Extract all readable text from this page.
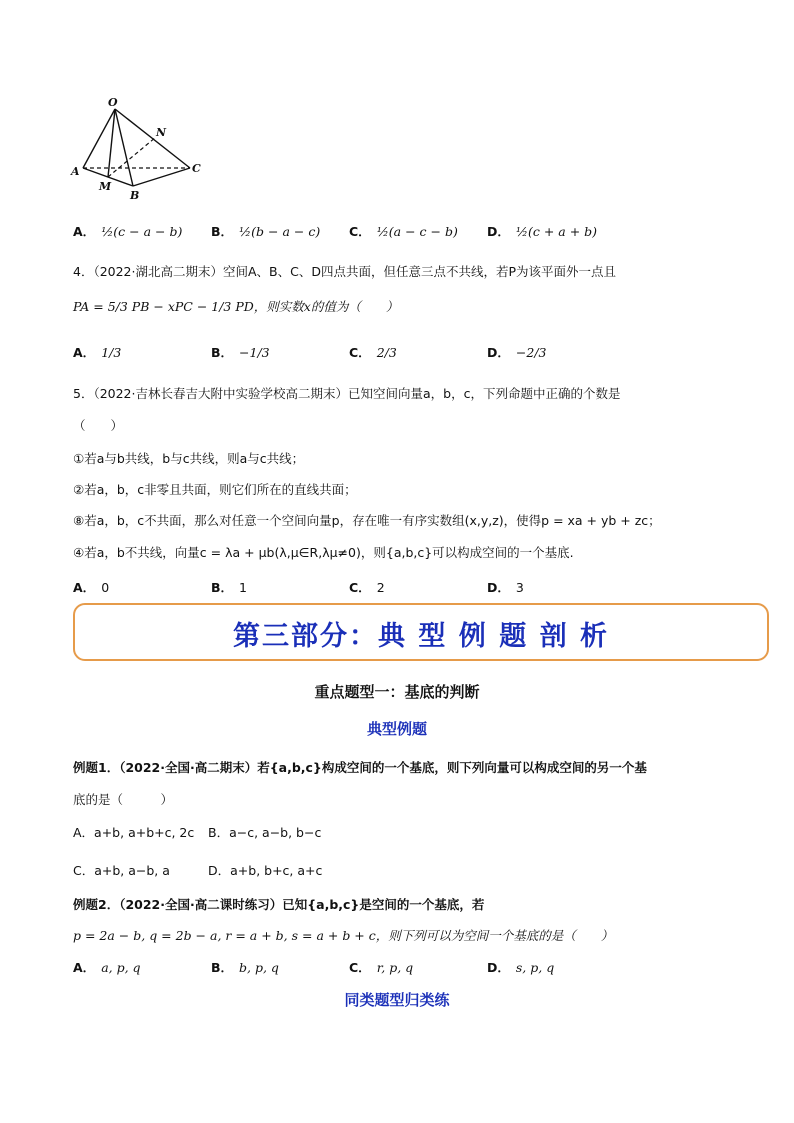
O
N
A
M
B
C
A． ½(c − a − b) B． ½(b − a − c) C． ½(a − c − b) D． ½(c + a + b)
4．（2022·湖北高二期末）空间A、B、C、D四点共面，但任意三点不共线，若P为该平面外一点且
PA = 5/3 PB − xPC − 1/3 PD，则实数x的值为（　　）
A． 1/3	B． −1/3	C． 2/3	D． −2/3
5．（2022·吉林长春吉大附中实验学校高二期末）已知空间向量a，b，c，下列命题中正确的个数是
（　　）
①若a与b共线，b与c共线，则a与c共线；
②若a，b，c非零且共面，则它们所在的直线共面；
⑧若a，b，c不共面，那么对任意一个空间向量p，存在唯一有序实数组(x,y,z)，使得p = xa + yb + zc；
④若a，b不共线，向量c = λa + μb(λ,μ∈R,λμ≠0)，则{a,b,c}可以构成空间的一个基底.
A． 0	B． 1	C． 2	D． 3
第三部分：典 型 例 题 剖 析
重点题型一：基底的判断
典型例题
例题1．（2022·全国·高二期末）若{a,b,c}构成空间的一个基底，则下列向量可以构成空间的另一个基
底的是（　　　）
A．a+b, a+b+c, 2c B．a−c, a−b, b−c
C．a+b, a−b, a	D．a+b, b+c, a+c
例题2．（2022·全国·高二课时练习）已知{a,b,c}是空间的一个基底，若
p = 2a − b, q = 2b − a, r = a + b, s = a + b + c，则下列可以为空间一个基底的是（　　）
A． a, p, q	B． b, p, q	C． r, p, q	D． s, p, q
同类题型归类练
